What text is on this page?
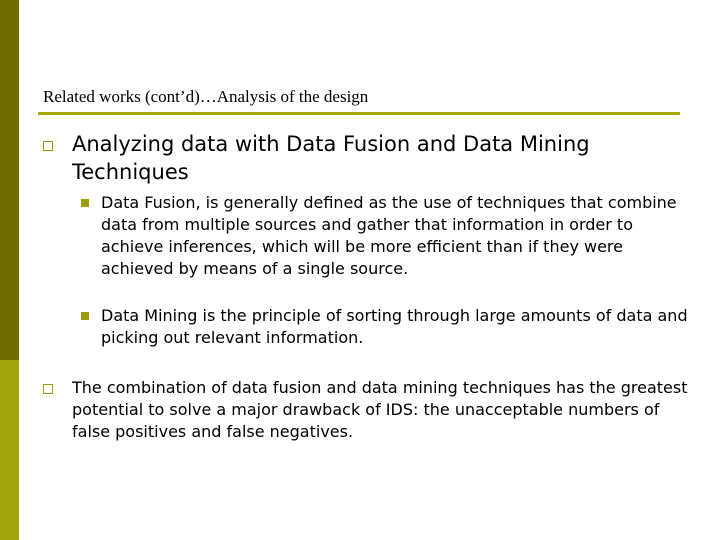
Related works (cont’d)…Analysis of the design
Analyzing data with Data Fusion and Data Mining Techniques
Data Fusion, is generally defined as the use of techniques that combine data from multiple sources and gather that information in order to achieve inferences, which will be more efficient than if they were achieved by means of a single source.
Data Mining is the principle of sorting through large amounts of data and picking out relevant information.
The combination of data fusion and data mining techniques has the greatest potential to solve a major drawback of IDS: the unacceptable numbers of false positives and false negatives.
